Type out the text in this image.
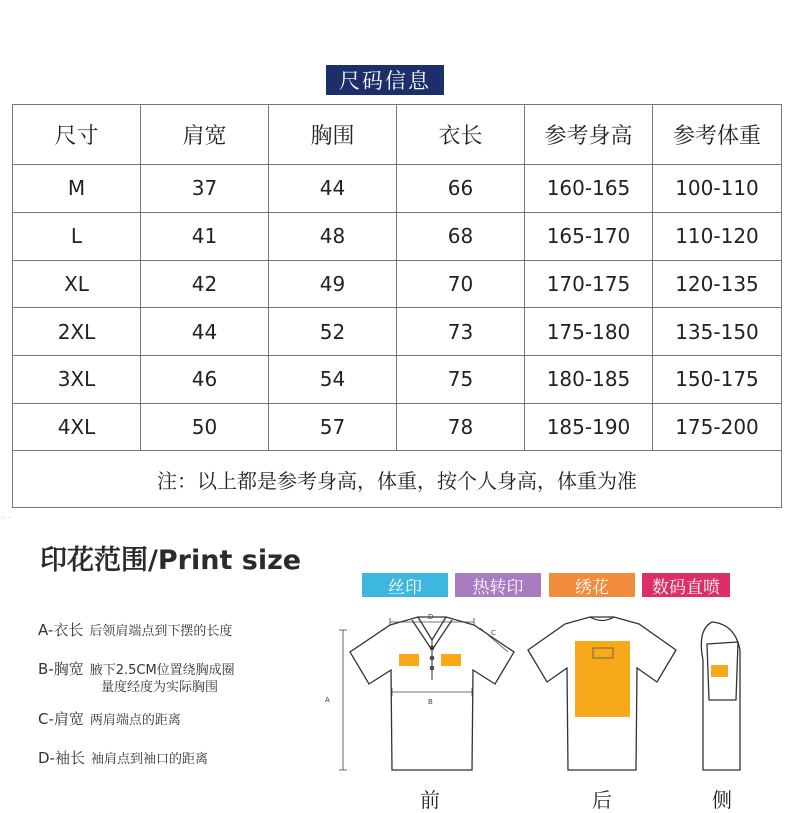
⁘ ·
尺码信息
尺寸	肩宽	胸围	衣长	参考身高	参考体重
M	37	44	66	160-165	100-110
L	41	48	68	165-170	110-120
XL	42	49	70	170-175	120-135
2XL	44	52	73	175-180	135-150
3XL	46	54	75	180-185	150-175
4XL	50	57	78	185-190	175-200
注：以上都是参考身高，体重，按个人身高，体重为准					
印花范围/Print size
丝印	热转印	绣花	数码直喷
A-衣长 后领肩端点到下摆的长度
B-胸宽 腋下2.5CM位置绕胸成圈
量度经度为实际胸围
C-肩宽 两肩端点的距离
D-袖长 袖肩点到袖口的距离
D
B
A
C
前	后	侧
